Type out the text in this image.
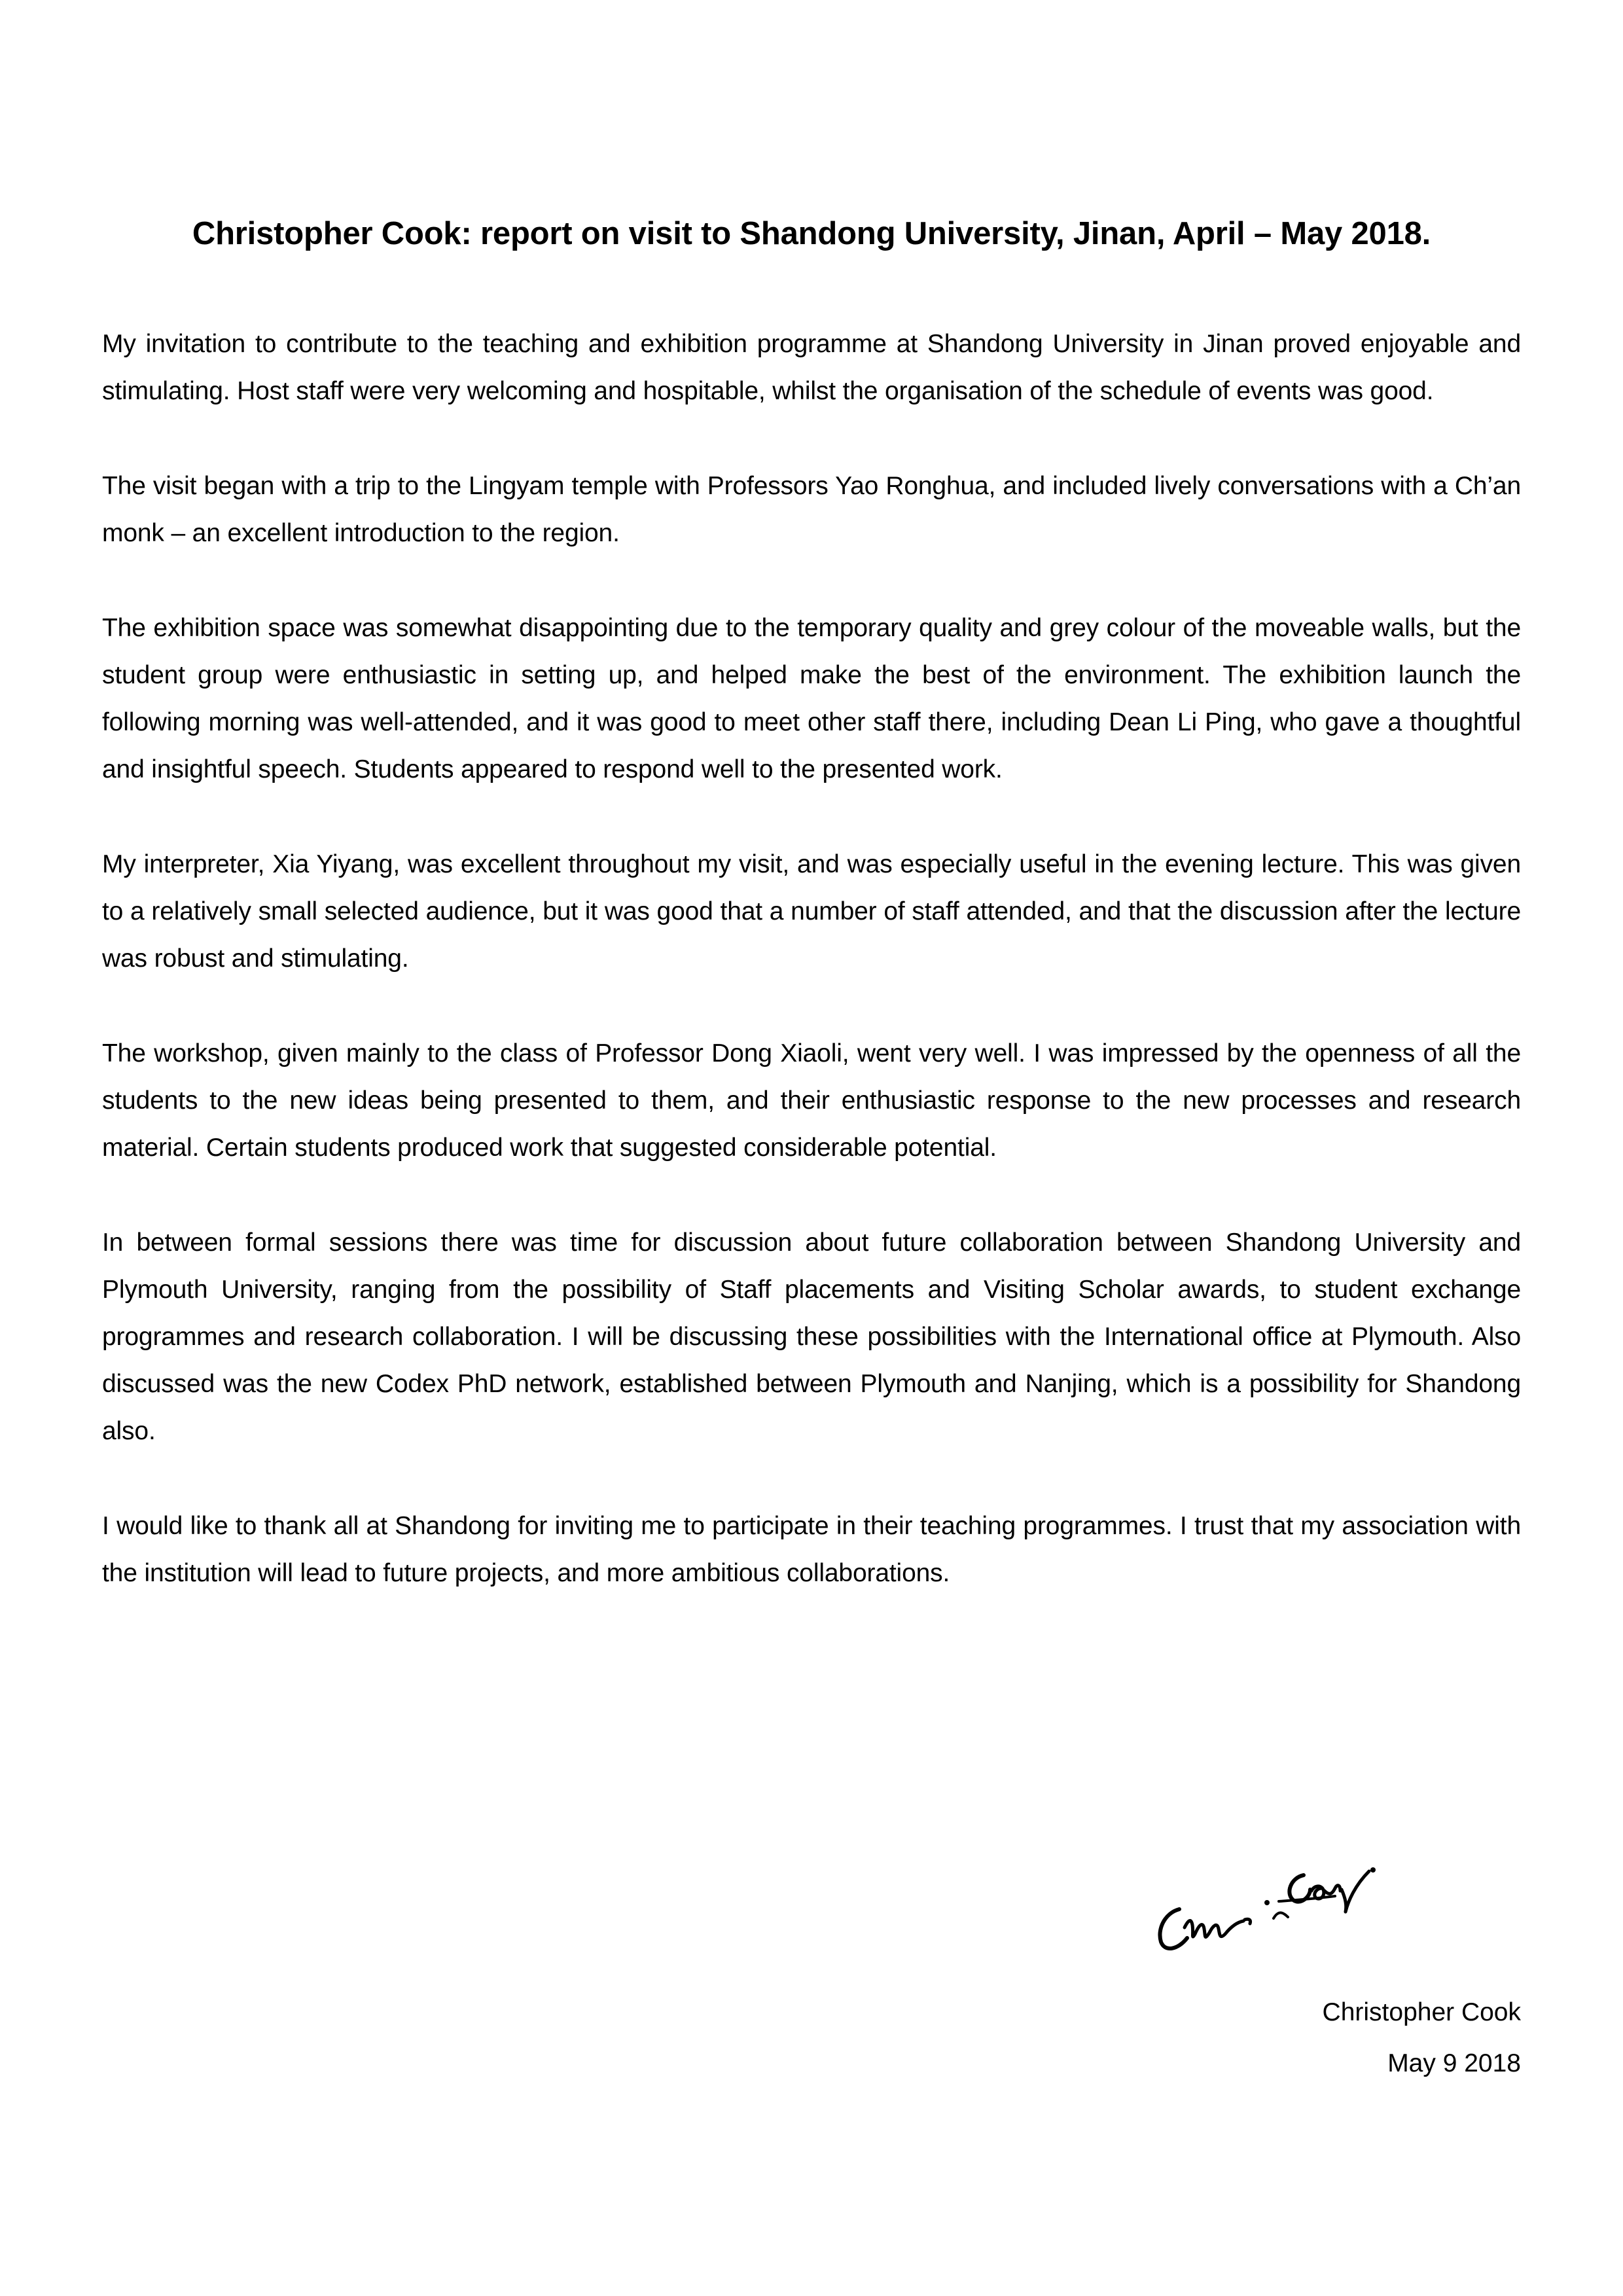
Christopher Cook: report on visit to Shandong University, Jinan, April – May 2018.

My invitation to contribute to the teaching and exhibition programme at Shandong University in Jinan proved enjoyable and stimulating. Host staff were very welcoming and hospitable, whilst the organisation of the schedule of events was good.

The visit began with a trip to the Lingyam temple with Professors Yao Ronghua, and included lively conversations with a Ch’an monk – an excellent introduction to the region.

The exhibition space was somewhat disappointing due to the temporary quality and grey colour of the moveable walls, but the student group were enthusiastic in setting up, and helped make the best of the environment. The exhibition launch the following morning was well-attended, and it was good to meet other staff there, including Dean Li Ping, who gave a thoughtful and insightful speech. Students appeared to respond well to the presented work.

My interpreter, Xia Yiyang, was excellent throughout my visit, and was especially useful in the evening lecture. This was given to a relatively small selected audience, but it was good that a number of staff attended, and that the discussion after the lecture was robust and stimulating.

The workshop, given mainly to the class of Professor Dong Xiaoli, went very well. I was impressed by the openness of all the students to the new ideas being presented to them, and their enthusiastic response to the new processes and research material. Certain students produced work that suggested considerable potential.

In between formal sessions there was time for discussion about future collaboration between Shandong University and Plymouth University, ranging from the possibility of Staff placements and Visiting Scholar awards, to student exchange programmes and research collaboration. I will be discussing these possibilities with the International office at Plymouth. Also discussed was the new Codex PhD network, established between Plymouth and Nanjing, which is a possibility for Shandong also.

I would like to thank all at Shandong for inviting me to participate in their teaching programmes. I trust that my association with the institution will lead to future projects, and more ambitious collaborations.

Christopher Cook

May 9 2018
